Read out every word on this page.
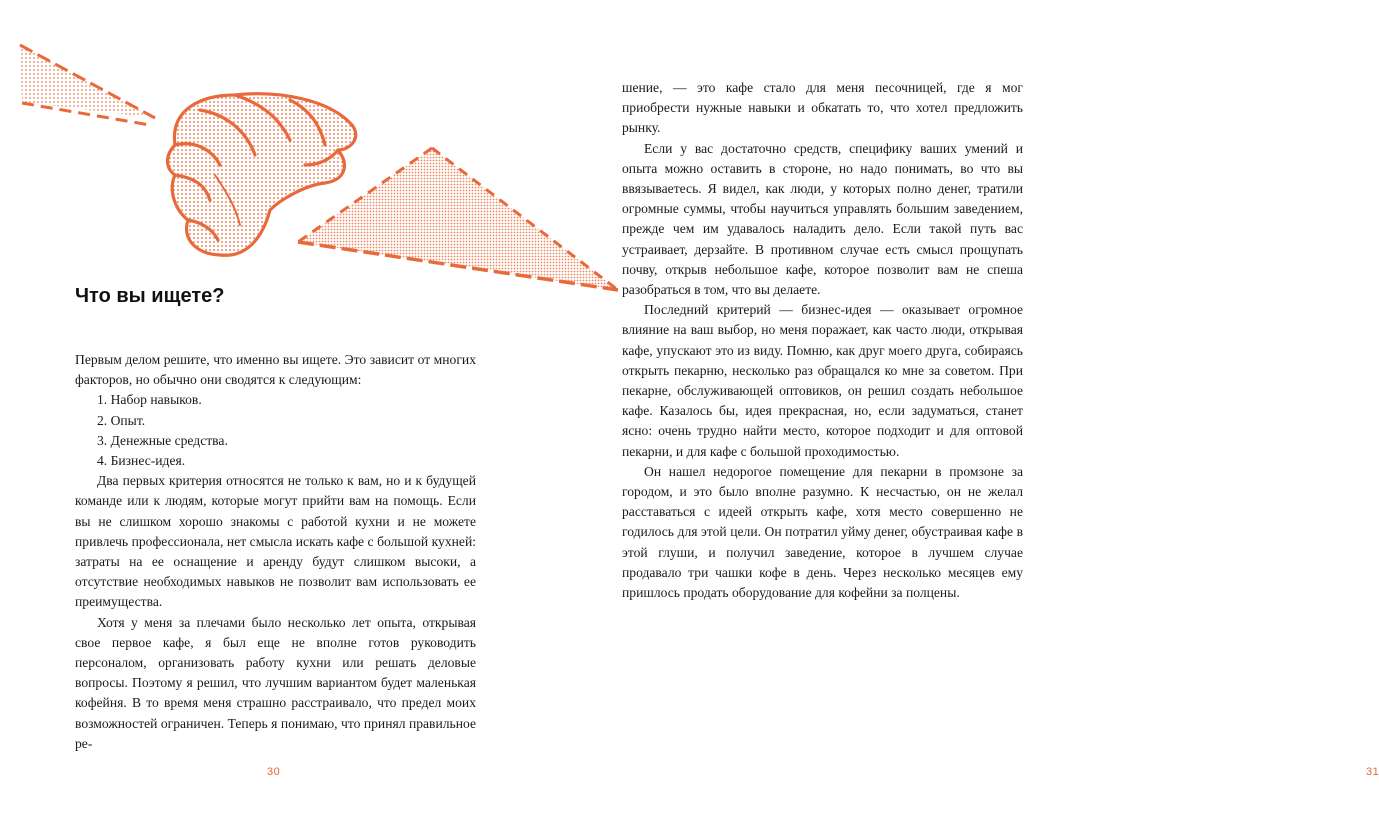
Что вы ищете?

Первым делом решите, что именно вы ищете. Это зависит от многих факторов, но обычно они сводятся к следующим:

1. Набор навыков.
2. Опыт.
3. Денежные средства.
4. Бизнес-идея.

Два первых критерия относятся не только к вам, но и к будущей команде или к людям, которые могут прийти вам на помощь. Если вы не слишком хорошо знакомы с работой кухни и не можете привлечь профессионала, нет смысла искать кафе с большой кухней: затраты на ее оснащение и аренду будут слишком высоки, а отсутствие необходимых навыков не позволит вам использовать ее преимущества.

Хотя у меня за плечами было несколько лет опыта, открывая свое первое кафе, я был еще не вполне готов руководить персоналом, организовать работу кухни или решать деловые вопросы. Поэтому я решил, что лучшим вариантом будет маленькая кофейня. В то время меня страшно расстраивало, что предел моих возможностей ограничен. Теперь я понимаю, что принял правильное ре-

30	31

шение, — это кафе стало для меня песочницей, где я мог приобрести нужные навыки и обкатать то, что хотел предложить рынку.

Если у вас достаточно средств, специфику ваших умений и опыта можно оставить в стороне, но надо понимать, во что вы ввязываетесь. Я видел, как люди, у которых полно денег, тратили огромные суммы, чтобы научиться управлять большим заведением, прежде чем им удавалось наладить дело. Если такой путь вас устраивает, дерзайте. В противном случае есть смысл прощупать почву, открыв небольшое кафе, которое позволит вам не спеша разобраться в том, что вы делаете.

Последний критерий — бизнес-идея — оказывает огромное влияние на ваш выбор, но меня поражает, как часто люди, открывая кафе, упускают это из виду. Помню, как друг моего друга, собираясь открыть пекарню, несколько раз обращался ко мне за советом. При пекарне, обслуживающей оптовиков, он решил создать небольшое кафе. Казалось бы, идея прекрасная, но, если задуматься, станет ясно: очень трудно найти место, которое подходит и для оптовой пекарни, и для кафе с большой проходимостью.

Он нашел недорогое помещение для пекарни в промзоне за городом, и это было вполне разумно. К несчастью, он не желал расставаться с идеей открыть кафе, хотя место совершенно не годилось для этой цели. Он потратил уйму денег, обустраивая кафе в этой глуши, и получил заведение, которое в лучшем случае продавало три чашки кофе в день. Через несколько месяцев ему пришлось продать оборудование для кофейни за полцены.
